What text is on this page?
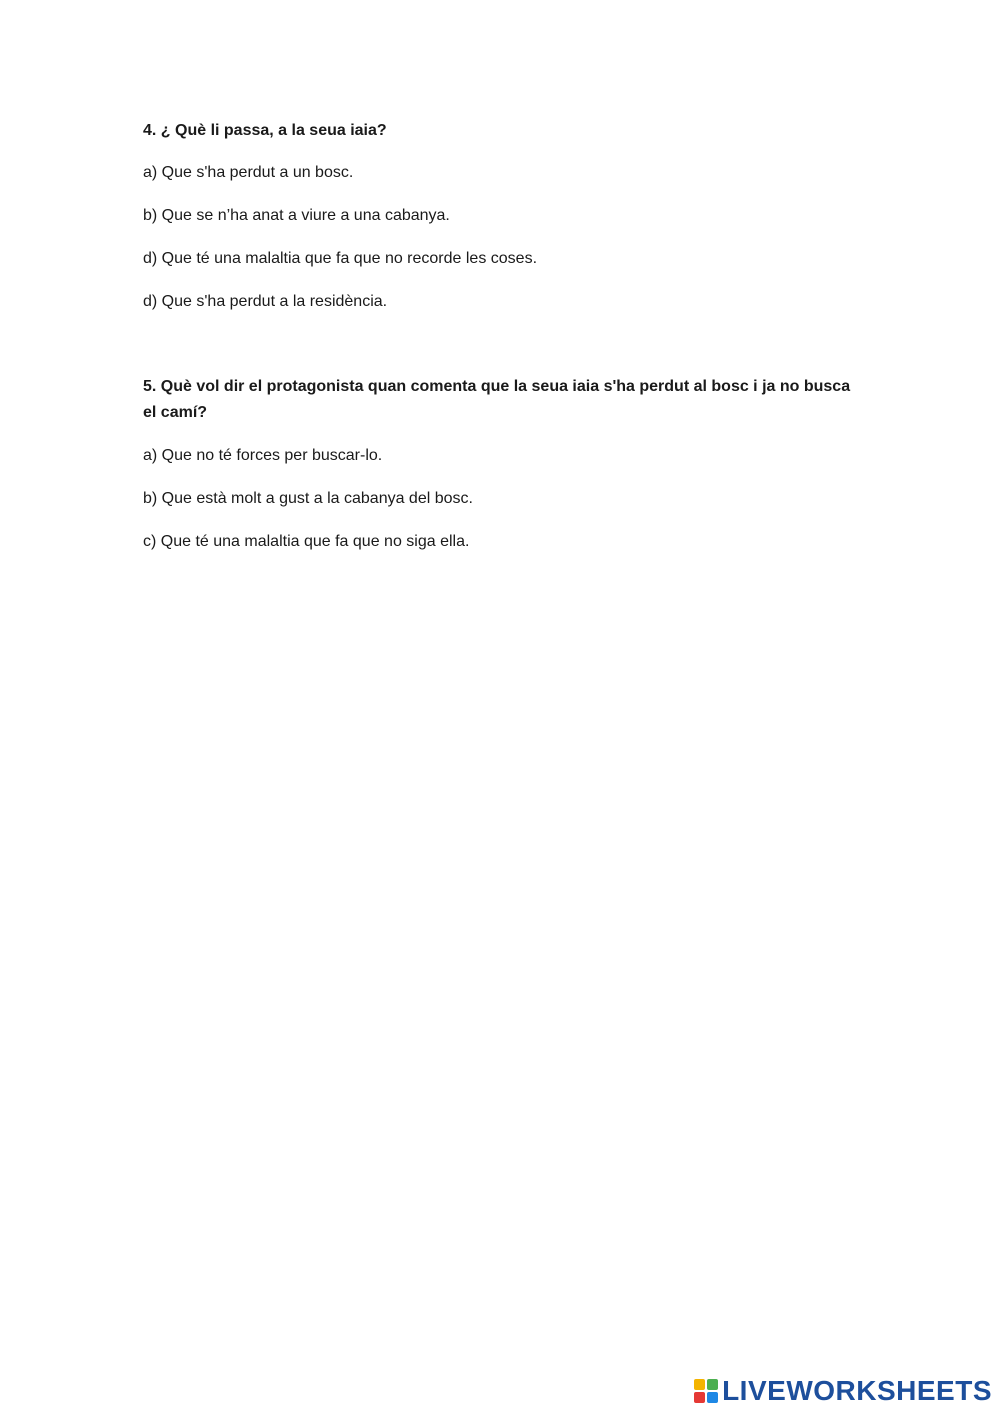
4. ¿ Què li passa, a la seua iaia?

a) Que s'ha perdut a un bosc.

b) Que se n’ha anat a viure a una cabanya.

d) Que té una malaltia que fa que no recorde les coses.

d) Que s'ha perdut a la residència.

5. Què vol dir el protagonista quan comenta que la seua iaia s'ha perdut al bosc i ja no busca el camí?

a) Que no té forces per buscar-lo.

b) Que està molt a gust a la cabanya del bosc.

c) Que té una malaltia que fa que no siga ella.

LIVEWORKSHEETS
